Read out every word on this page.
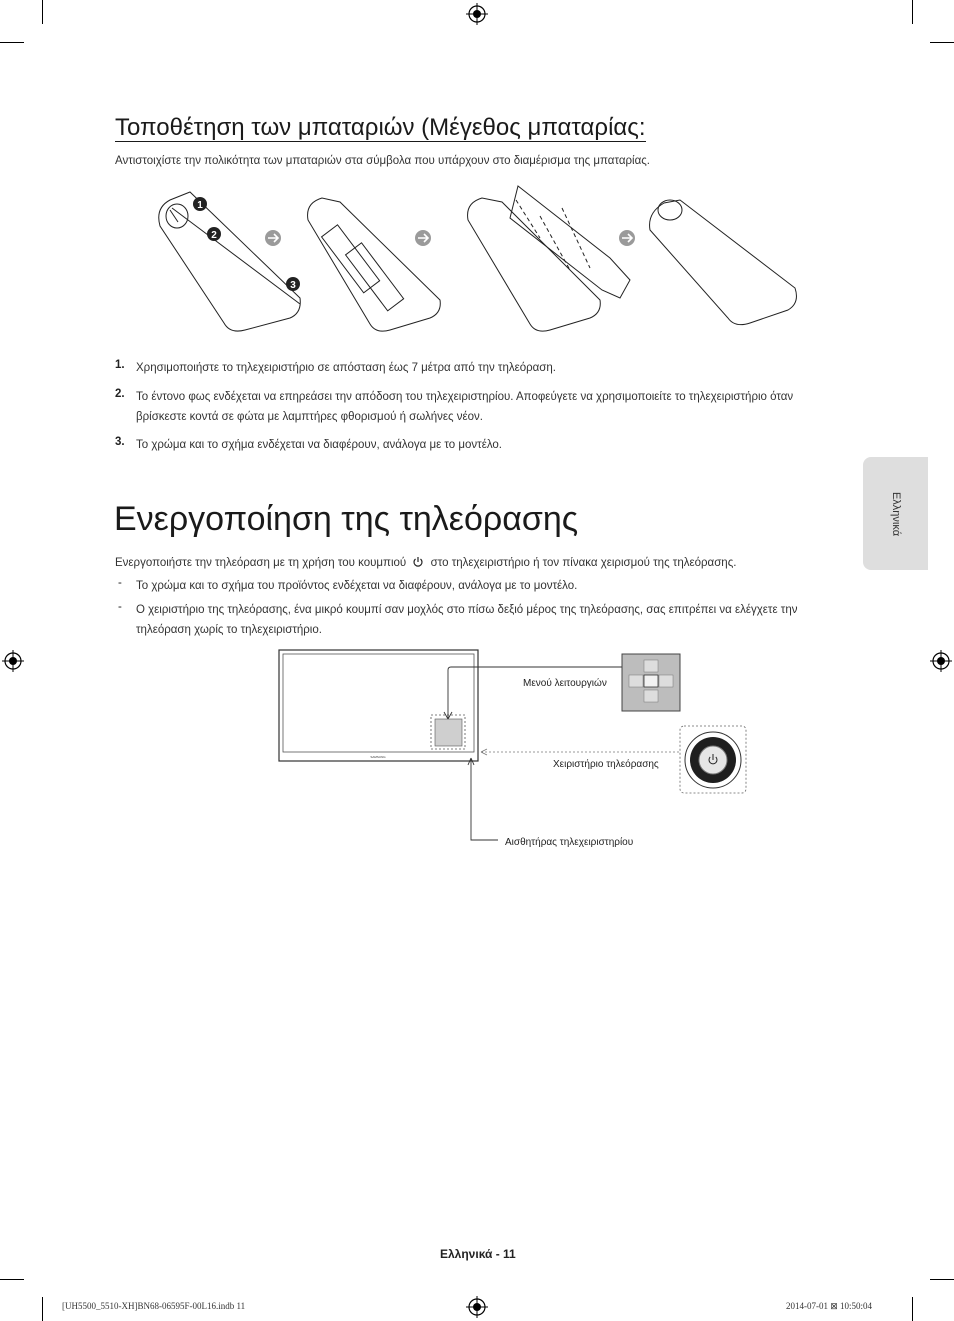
Τοποθέτηση των μπαταριών (Μέγεθος μπαταρίας:
Αντιστοιχίστε την πολικότητα των μπαταριών στα σύμβολα που υπάρχουν στο διαμέρισμα της μπαταρίας.
1
2
3
1. Χρησιμοποιήστε το τηλεχειριστήριο σε απόσταση έως 7 μέτρα από την τηλεόραση.
2. Το έντονο φως ενδέχεται να επηρεάσει την απόδοση του τηλεχειριστηρίου. Αποφεύγετε να χρησιμοποιείτε το τηλεχειριστήριο όταν βρίσκεστε κοντά σε φώτα με λαμπτήρες φθορισμού ή σωλήνες νέον.
3. Το χρώμα και το σχήμα ενδέχεται να διαφέρουν, ανάλογα με το μοντέλο.
Ελληνικά
Ενεργοποίηση της τηλεόρασης
Ενεργοποιήστε την τηλεόραση με τη χρήση του κουμπιού στο τηλεχειριστήριο ή τον πίνακα χειρισμού της τηλεόρασης.
- Το χρώμα και το σχήμα του προϊόντος ενδέχεται να διαφέρουν, ανάλογα με το μοντέλο.
- Ο χειριστήριο της τηλεόρασης, ένα μικρό κουμπί σαν μοχλός στο πίσω δεξιό μέρος της τηλεόρασης, σας επιτρέπει να ελέγχετε την τηλεόραση χωρίς το τηλεχειριστήριο.
SAMSUNG
Μενού λειτουργιών
Χειριστήριο τηλεόρασης
Αισθητήρας τηλεχειριστηρίου
Ελληνικά - 11
[UH5500_5510-XH]BN68-06595F-00L16.indb 11	2014-07-01 ⊠ 10:50:04
